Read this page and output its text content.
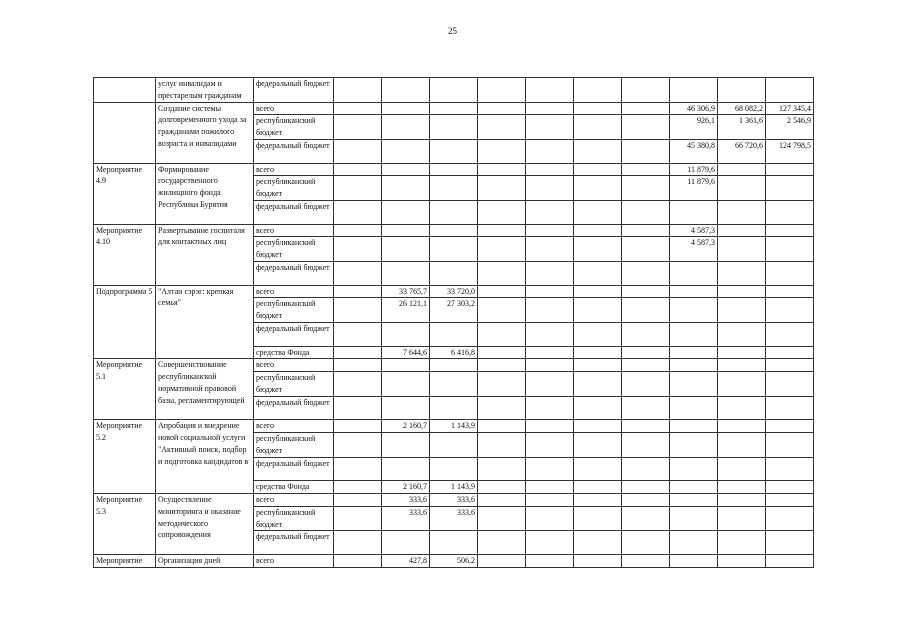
25
	услуг инвалидам и престарелым гражданам	федеральный бюджет										
	Создание системы долговременного ухода за гражданами пожилого возраста и инвалидами	всего								46 306,9	68 082,2	127 345,4
		республиканский бюджет								926,1	1 361,6	2 546,9
		федеральный бюджет								45 380,8	66 720,6	124 798,5
Мероприятие 4.9	Формирование государственного жилищного фонда Республики Бурятия	всего								11 879,6		
		республиканский бюджет								11 879,6		
		федеральный бюджет										
Мероприятие 4.10	Развертывание госпиталя для контактных лиц	всего								4 587,3		
		республиканский бюджет								4 587,3		
		федеральный бюджет										
Подпрограмма 5	"Алтан сэрэг: крепкая семья"	всего		33 765,7	33 720,0							
		республиканский бюджет		26 121,1	27 303,2							
		федеральный бюджет										
		средства Фонда		7 644,6	6 416,8							
Мероприятие 5.1	Совершенствование республиканской нормативной правовой базы, регламентирующей	всего										
		республиканский бюджет										
		федеральный бюджет										
Мероприятие 5.2	Апробация и внедрение новой социальной услуги "Активный поиск, подбор и подготовка кандидатов в	всего		2 160,7	1 143,9							
		республиканский бюджет										
		федеральный бюджет										
		средства Фонда		2 160,7	1 143,9							
Мероприятие 5.3	Осуществление мониторинга и оказание методического сопровождения	всего		333,6	333,6							
		республиканский бюджет		333,6	333,6							
		федеральный бюджет										
Мероприятие	Организация дней	всего		427,8	506,2							
